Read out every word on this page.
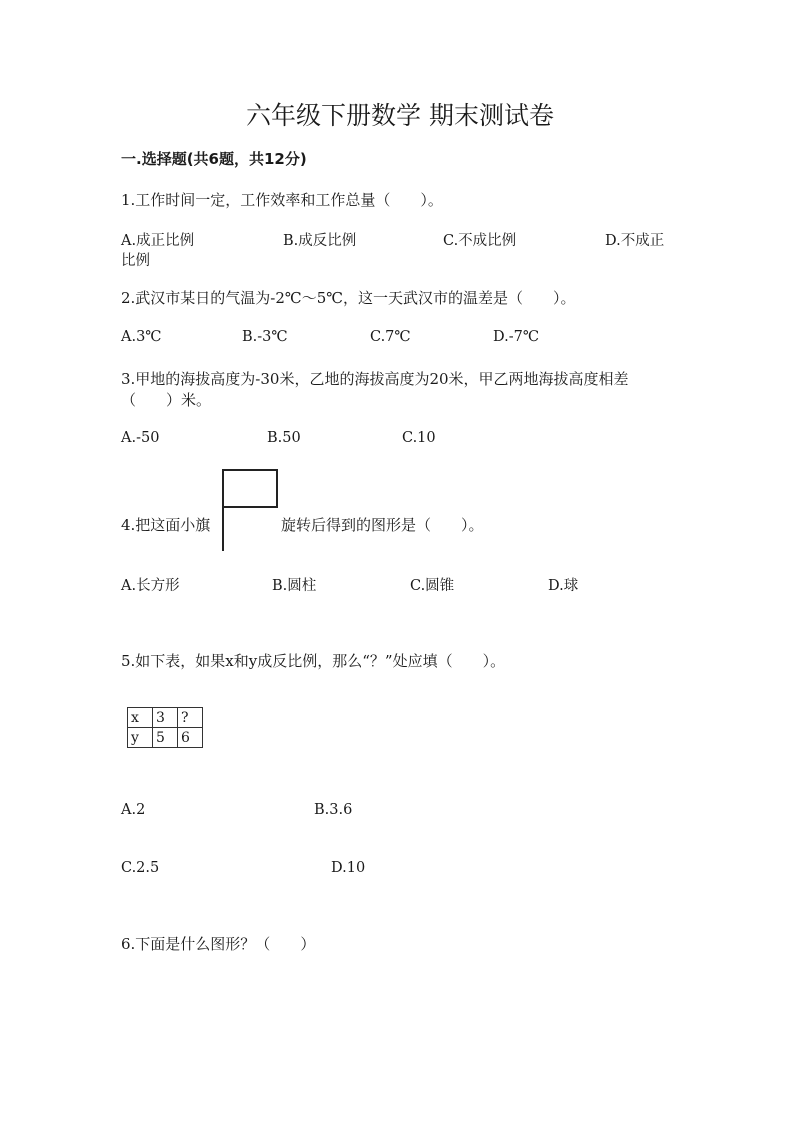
六年级下册数学 期末测试卷
一.选择题(共6题，共12分)
1.工作时间一定，工作效率和工作总量（　　）。
A.成正比例	B.成反比例	C.不成比例	D.不成正
比例
2.武汉市某日的气温为-2℃～5℃，这一天武汉市的温差是（　　）。
A.3℃	B.-3℃	C.7℃	D.-7℃
3.甲地的海拔高度为-30米，乙地的海拔高度为20米，甲乙两地海拔高度相差
（　　）米。
A.-50	B.50	C.10
4.把这面小旗	旋转后得到的图形是（　　）。
A.长方形	B.圆柱	C.圆锥	D.球
5.如下表，如果x和y成反比例，那么“？”处应填（　　）。
x	3	?
y	5	6
A.2	B.3.6
C.2.5	D.10
6.下面是什么图形？（　　）
